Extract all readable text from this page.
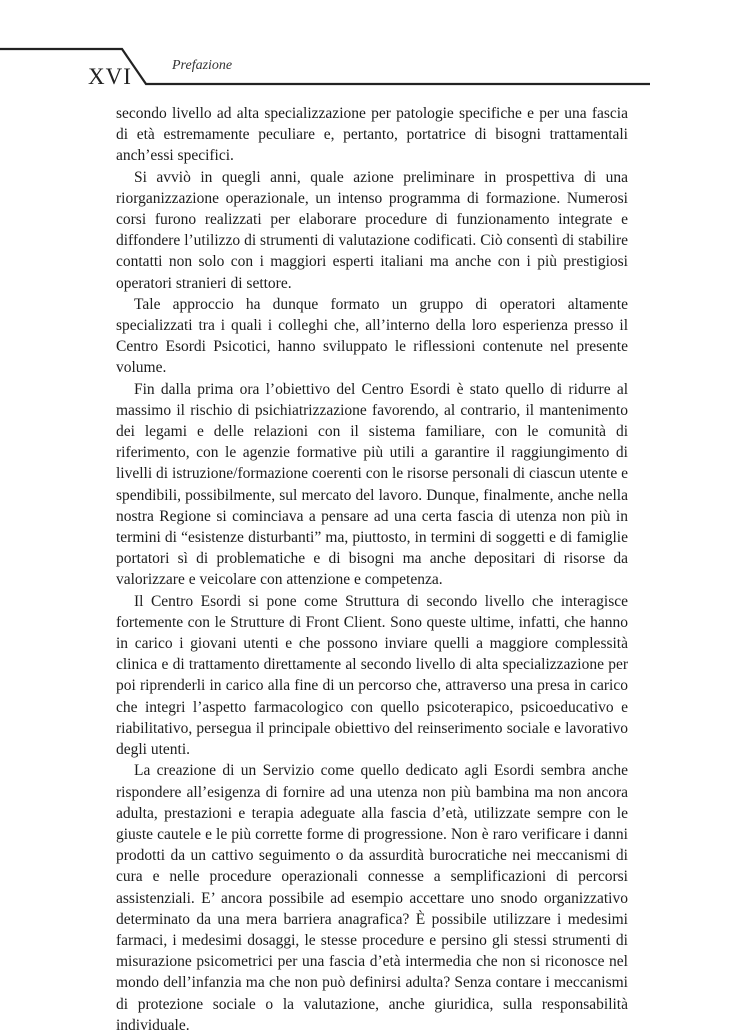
XVI	Prefazione

secondo livello ad alta specializzazione per patologie specifiche e per una fascia di età estremamente peculiare e, pertanto, portatrice di bisogni trattamentali anch’essi specifici.

Si avviò in quegli anni, quale azione preliminare in prospettiva di una riorganizzazione operazionale, un intenso programma di formazione. Numerosi corsi furono realizzati per elaborare procedure di funzionamento integrate e diffondere l’utilizzo di strumenti di valutazione codificati. Ciò consentì di stabilire contatti non solo con i maggiori esperti italiani ma anche con i più prestigiosi operatori stranieri di settore.

Tale approccio ha dunque formato un gruppo di operatori altamente specializzati tra i quali i colleghi che, all’interno della loro esperienza presso il Centro Esordi Psicotici, hanno sviluppato le riflessioni contenute nel presente volume.

Fin dalla prima ora l’obiettivo del Centro Esordi è stato quello di ridurre al massimo il rischio di psichiatrizzazione favorendo, al contrario, il mantenimento dei legami e delle relazioni con il sistema familiare, con le comunità di riferimento, con le agenzie formative più utili a garantire il raggiungimento di livelli di istruzione/formazione coerenti con le risorse personali di ciascun utente e spendibili, possibilmente, sul mercato del lavoro. Dunque, finalmente, anche nella nostra Regione si cominciava a pensare ad una certa fascia di utenza non più in termini di “esistenze disturbanti” ma, piuttosto, in termini di soggetti e di famiglie portatori sì di problematiche e di bisogni ma anche depositari di risorse da valorizzare e veicolare con attenzione e competenza.

Il Centro Esordi si pone come Struttura di secondo livello che interagisce fortemente con le Strutture di Front Client. Sono queste ultime, infatti, che hanno in carico i giovani utenti e che possono inviare quelli a maggiore complessità clinica e di trattamento direttamente al secondo livello di alta specializzazione per poi riprenderli in carico alla fine di un percorso che, attraverso una presa in carico che integri l’aspetto farmacologico con quello psicoterapico, psicoeducativo e riabilitativo, persegua il principale obiettivo del reinserimento sociale e lavorativo degli utenti.

La creazione di un Servizio come quello dedicato agli Esordi sembra anche rispondere all’esigenza di fornire ad una utenza non più bambina ma non ancora adulta, prestazioni e terapia adeguate alla fascia d’età, utilizzate sempre con le giuste cautele e le più corrette forme di progressione. Non è raro verificare i danni prodotti da un cattivo seguimento o da assurdità burocratiche nei meccanismi di cura e nelle procedure operazionali connesse a semplificazioni di percorsi assistenziali. E’ ancora possibile ad esempio accettare uno snodo organizzativo determinato da una mera barriera anagrafica? È possibile utilizzare i medesimi farmaci, i medesimi dosaggi, le stesse procedure e persino gli stessi strumenti di misurazione psicometrici per una fascia d’età intermedia che non si riconosce nel mondo dell’infanzia ma che non può definirsi adulta? Senza contare i meccanismi di protezione sociale o la valutazione, anche giuridica, sulla responsabilità individuale.
